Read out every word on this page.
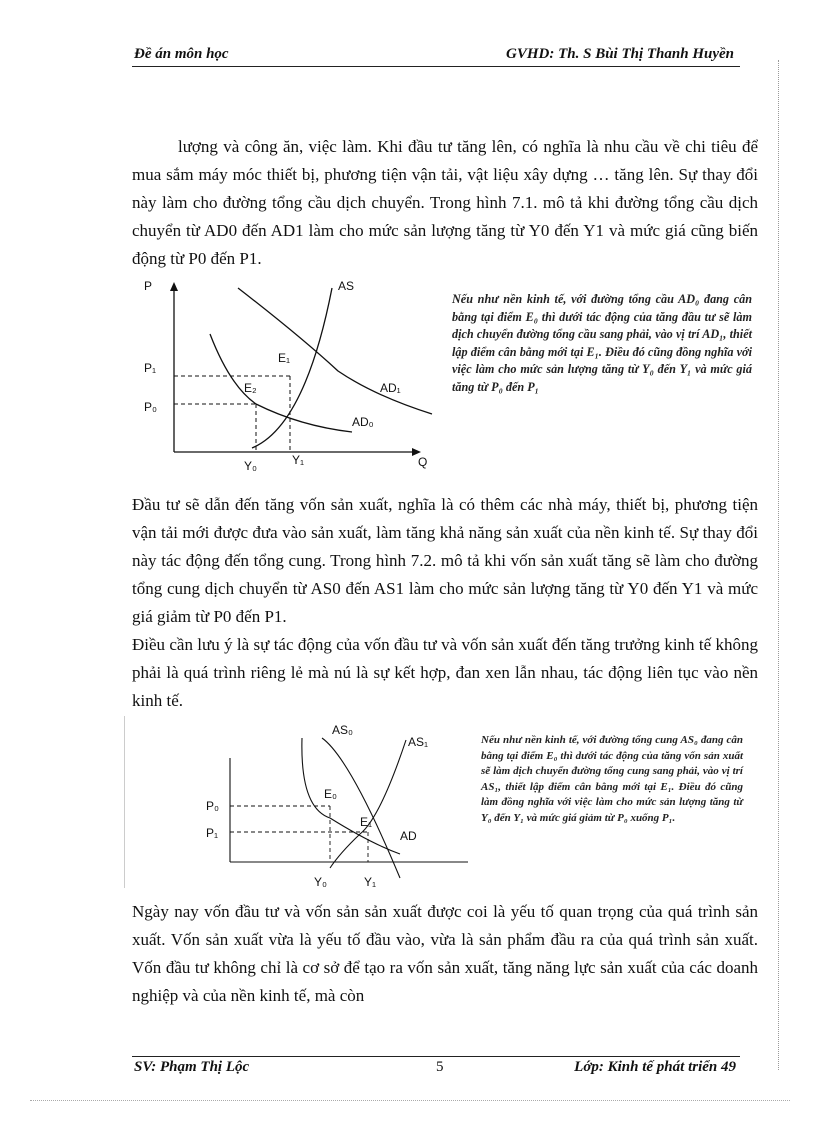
Đề án môn học	GVHD: Th. S Bùi Thị Thanh Huyền

lượng và công ăn, việc làm. Khi đầu tư tăng lên, có nghĩa là nhu cầu về chi tiêu để mua sắm máy móc thiết bị, phương tiện vận tải, vật liệu xây dựng … tăng lên. Sự thay đổi này làm cho đường tổng cầu dịch chuyển. Trong hình 7.1. mô tả khi đường tổng cầu dịch chuyển từ AD0 đến AD1 làm cho mức sản lượng tăng từ Y0 đến Y1 và mức giá cũng biến động từ P0 đến P1.

P
Q
AS
AD₁
AD₀
E₁
E₂
P₁
P₀
Y₀	Y₁

Nếu như nền kinh tế, với đường tổng cầu AD₀ đang cân bằng tại điểm E₀ thì dưới tác động của tăng đầu tư sẽ làm dịch chuyển đường tổng cầu sang phải, vào vị trí AD₁, thiết lập điểm cân bằng mới tại E₁. Điều đó cũng đồng nghĩa với việc làm cho mức sản lượng tăng từ Y₀ đến Y₁ và mức giá tăng từ P₀ đến P₁

Đầu tư sẽ dẫn đến tăng vốn sản xuất, nghĩa là có thêm các nhà máy, thiết bị, phương tiện vận tải mới được đưa vào sản xuất, làm tăng khả năng sản xuất của nền kinh tế. Sự thay đổi này tác động đến tổng cung. Trong hình 7.2. mô tả khi vốn sản xuất tăng sẽ làm cho đường tổng cung dịch chuyển từ AS0 đến AS1 làm cho mức sản lượng tăng từ Y0 đến Y1 và mức giá giảm từ P0 đến P1.

Điều cần lưu ý là sự tác động của vốn đầu tư và vốn sản xuất đến tăng trưởng kinh tế không phải là quá trình riêng lẻ mà nú là sự kết hợp, đan xen lẫn nhau, tác động liên tục vào nền kinh tế.

AS₀
AS₁
AD
E₀
E₁
P₀
P₁
Y₀	Y₁

Nếu như nền kinh tế, với đường tổng cung AS₀ đang cân bằng tại điểm E₀ thì dưới tác động của tăng vốn sản xuất sẽ làm dịch chuyển đường tổng cung sang phải, vào vị trí AS₁, thiết lập điểm cân bằng mới tại E₁. Điều đó cũng làm đồng nghĩa với việc làm cho mức sản lượng tăng từ Y₀ đến Y₁ và mức giá giảm từ P₀ xuống P₁.

Ngày nay vốn đầu tư và vốn sản sản xuất được coi là yếu tố quan trọng của quá trình sản xuất. Vốn sản xuất vừa là yếu tố đầu vào, vừa là sản phẩm đầu ra của quá trình sản xuất. Vốn đầu tư không chỉ là cơ sở để tạo ra vốn sản xuất, tăng năng lực sản xuất của các doanh nghiệp và của nền kinh tế, mà còn

SV: Phạm Thị Lộc	5	Lớp: Kinh tế phát triển 49
